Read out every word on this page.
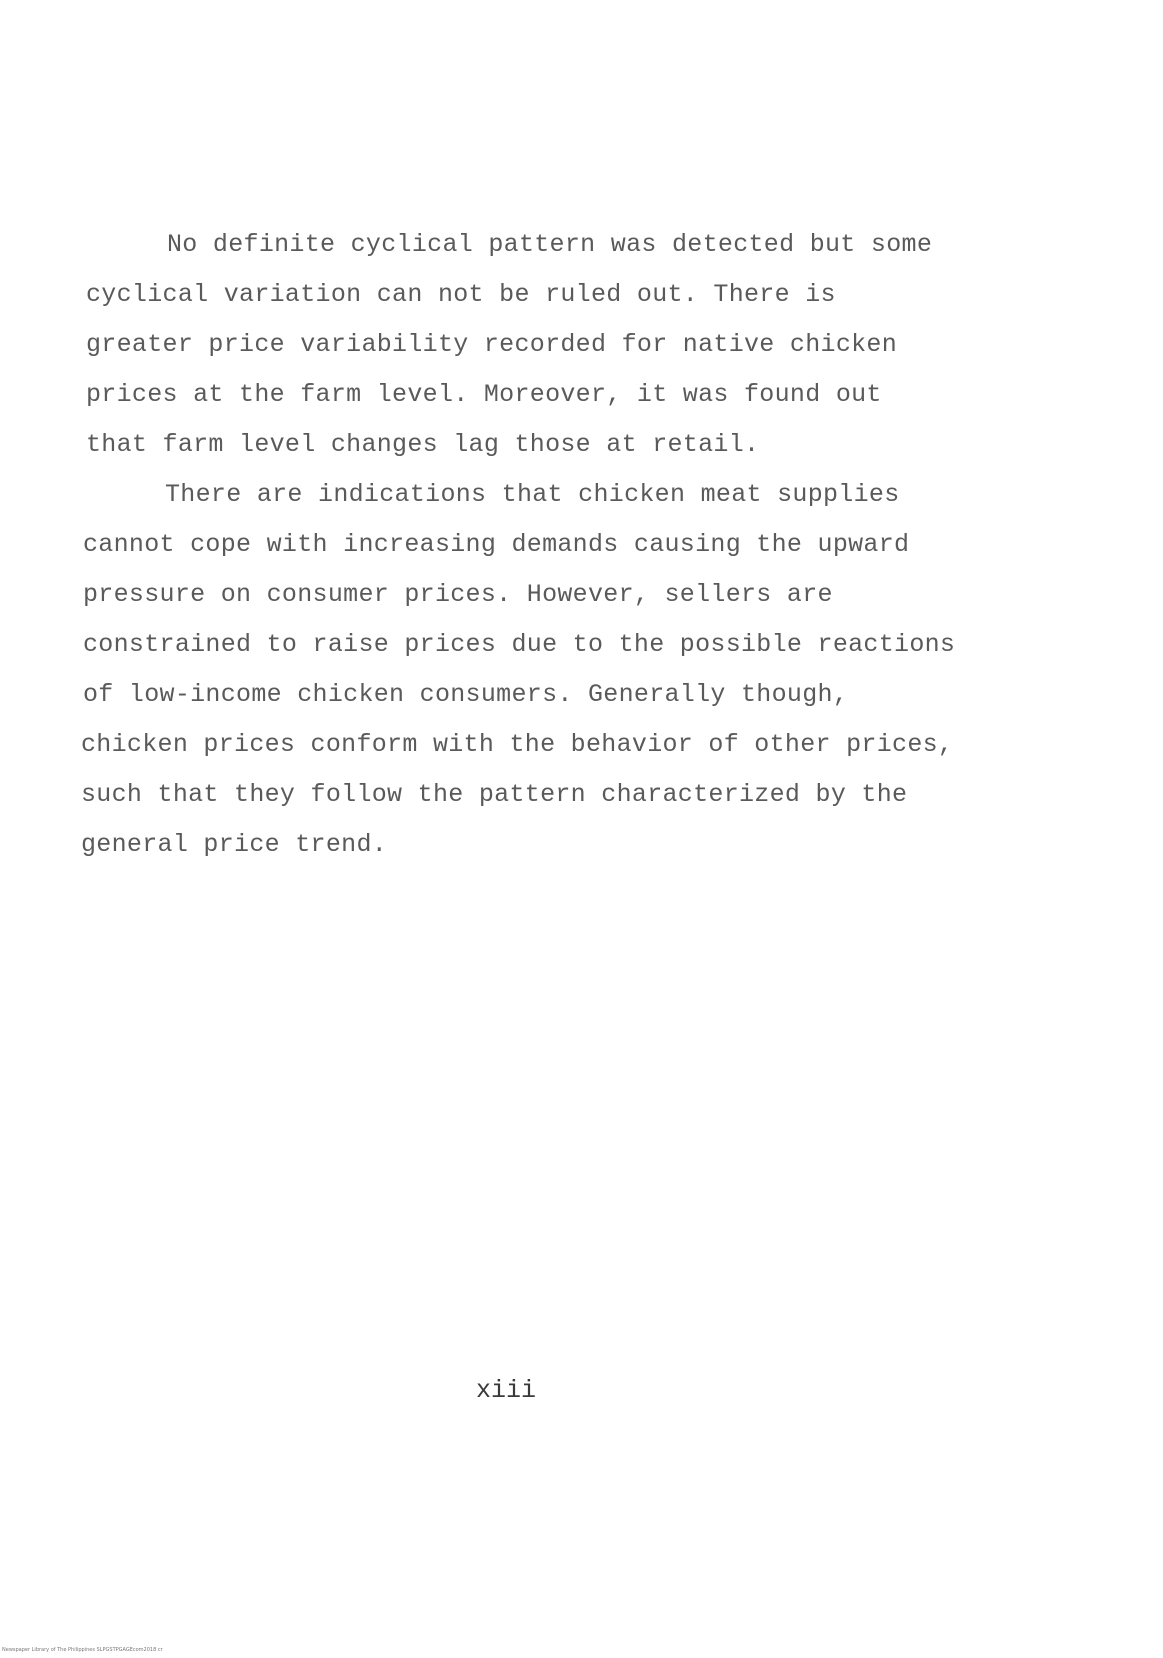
No definite cyclical pattern was detected but some
cyclical variation can not be ruled out. There is
greater price variability recorded for native chicken
prices at the farm level. Moreover, it was found out
that farm level changes lag those at retail.
There are indications that chicken meat supplies
cannot cope with increasing demands causing the upward
pressure on consumer prices. However, sellers are
constrained to raise prices due to the possible reactions
of low-income chicken consumers. Generally though,
chicken prices conform with the behavior of other prices,
such that they follow the pattern characterized by the
general price trend.
xiii
Newspaper Library of The Philippines SLPGSTPGAGEcom2018 cr
